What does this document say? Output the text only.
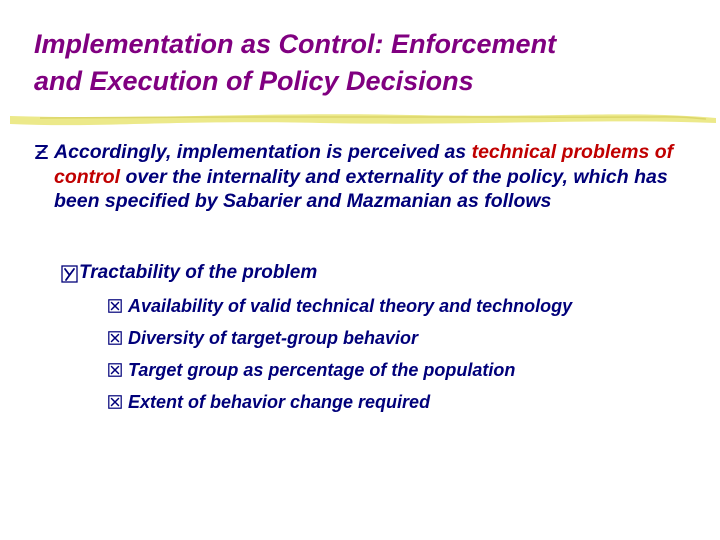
Implementation as Control: Enforcement
and Execution of Policy Decisions
Accordingly, implementation is perceived as technical problems of control over the internality and externality of the policy, which has been specified by Sabarier and Mazmanian as follows
Tractability of the problem
Availability of valid technical theory and technology
Diversity of target-group behavior
Target group as percentage of the population
Extent of behavior change required
